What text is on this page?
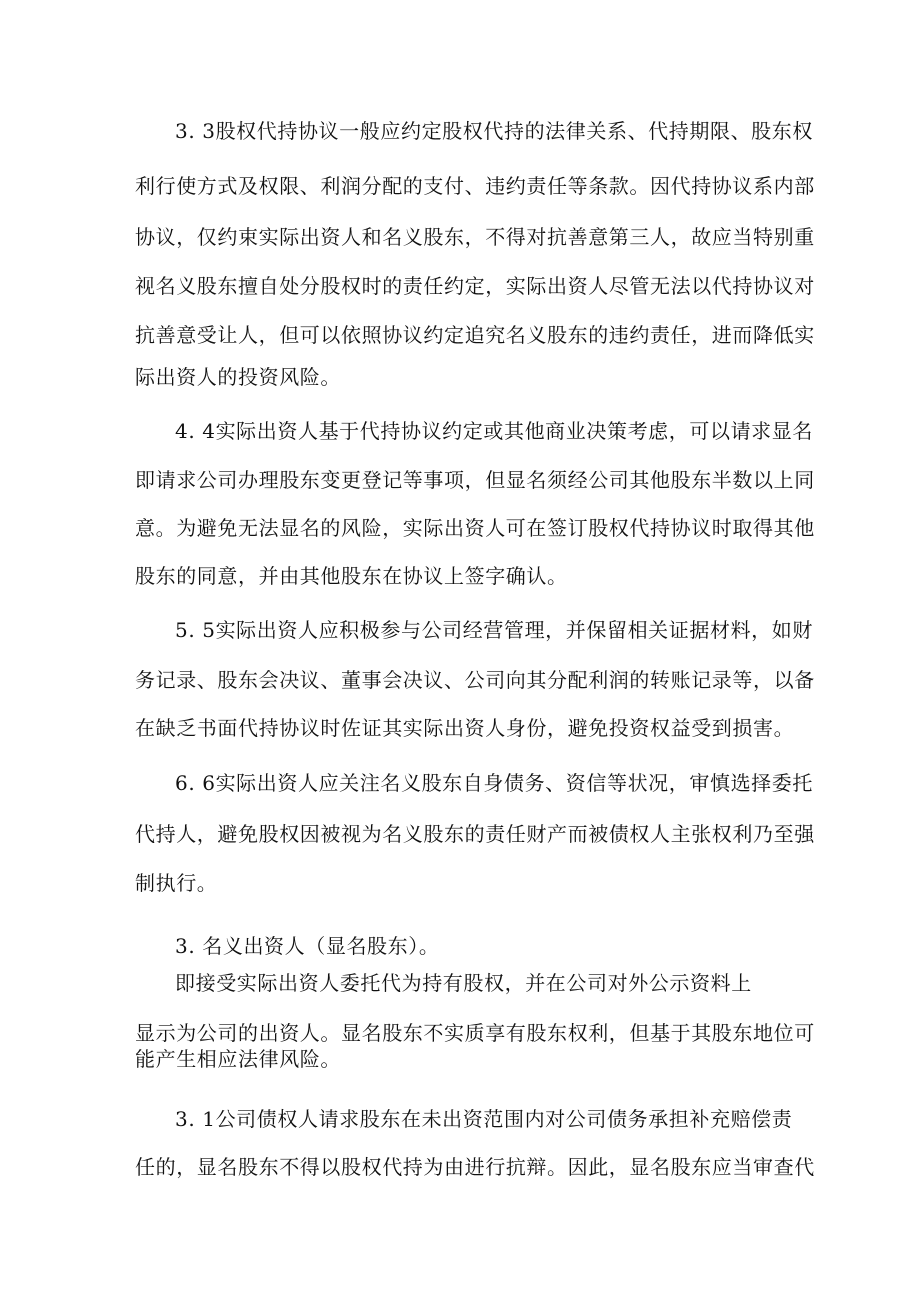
3. 3股权代持协议一般应约定股权代持的法律关系、代持期限、股东权
利行使方式及权限、利润分配的支付、违约责任等条款。因代持协议系内部
协议，仅约束实际出资人和名义股东，不得对抗善意第三人，故应当特别重
视名义股东擅自处分股权时的责任约定，实际出资人尽管无法以代持协议对
抗善意受让人，但可以依照协议约定追究名义股东的违约责任，进而降低实
际出资人的投资风险。
4. 4实际出资人基于代持协议约定或其他商业决策考虑，可以请求显名
即请求公司办理股东变更登记等事项，但显名须经公司其他股东半数以上同
意。为避免无法显名的风险，实际出资人可在签订股权代持协议时取得其他
股东的同意，并由其他股东在协议上签字确认。
5. 5实际出资人应积极参与公司经营管理，并保留相关证据材料，如财
务记录、股东会决议、董事会决议、公司向其分配利润的转账记录等，以备
在缺乏书面代持协议时佐证其实际出资人身份，避免投资权益受到损害。
6. 6实际出资人应关注名义股东自身债务、资信等状况，审慎选择委托
代持人，避免股权因被视为名义股东的责任财产而被债权人主张权利乃至强
制执行。
3. 名义出资人（显名股东）。
即接受实际出资人委托代为持有股权，并在公司对外公示资料上
显示为公司的出资人。显名股东不实质享有股东权利，但基于其股东地位可
能产生相应法律风险。
3. 1公司债权人请求股东在未出资范围内对公司债务承担补充赔偿责
任的，显名股东不得以股权代持为由进行抗辩。因此，显名股东应当审查代
